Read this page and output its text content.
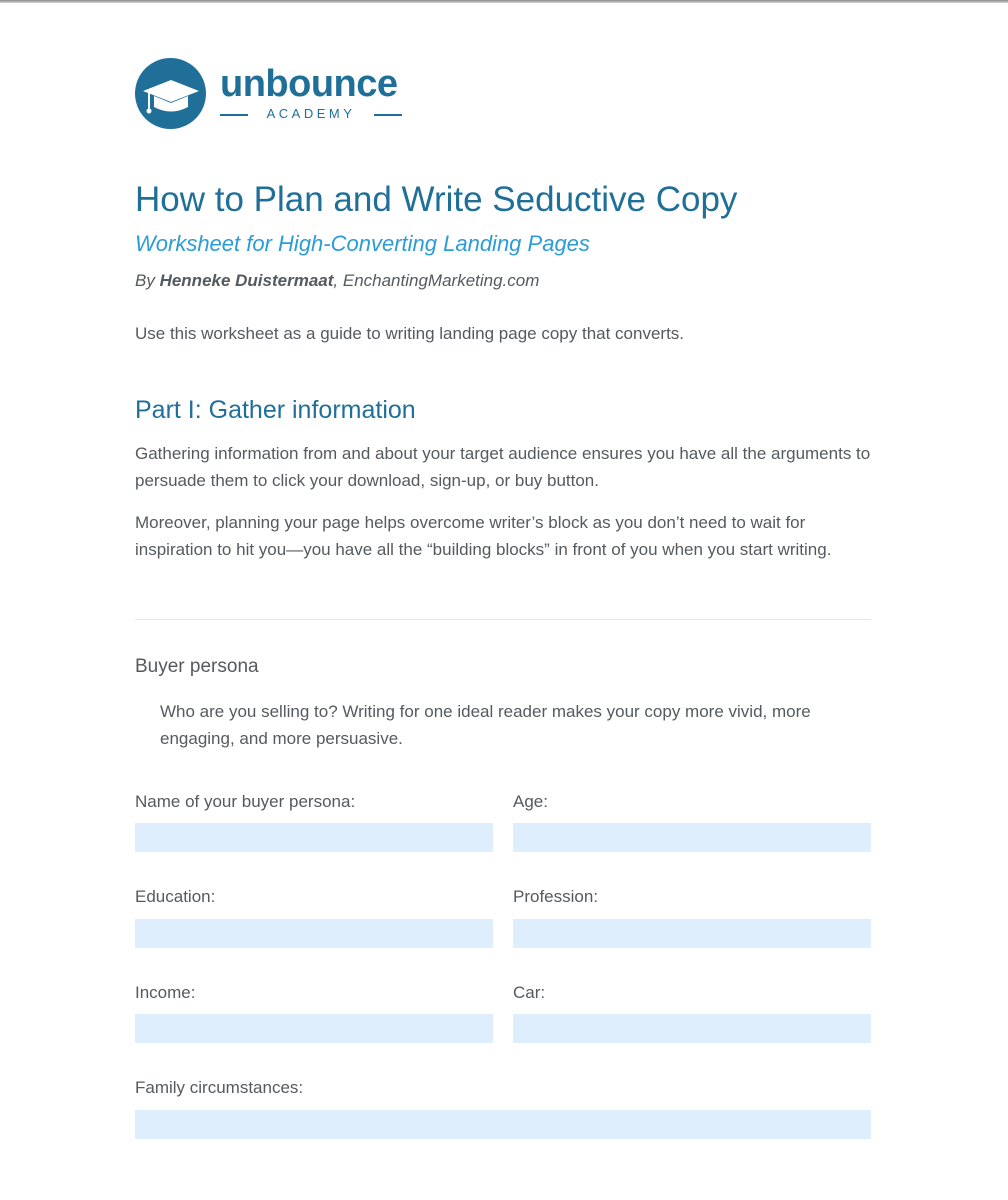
unbounce
ACADEMY
How to Plan and Write Seductive Copy
Worksheet for High-Converting Landing Pages
By Henneke Duistermaat, EnchantingMarketing.com
Use this worksheet as a guide to writing landing page copy that converts.
Part I: Gather information

Gathering information from and about your target audience ensures you have all the arguments to persuade them to click your download, sign-up, or buy button.

Moreover, planning your page helps overcome writer’s block as you don’t need to wait for inspiration to hit you—you have all the “building blocks” in front of you when you start writing.

Buyer persona

Who are you selling to? Writing for one ideal reader makes your copy more vivid, more engaging, and more persuasive.

Name of your buyer persona:	Age:
Education:	Profession:
Income:	Car:
Family circumstances:
